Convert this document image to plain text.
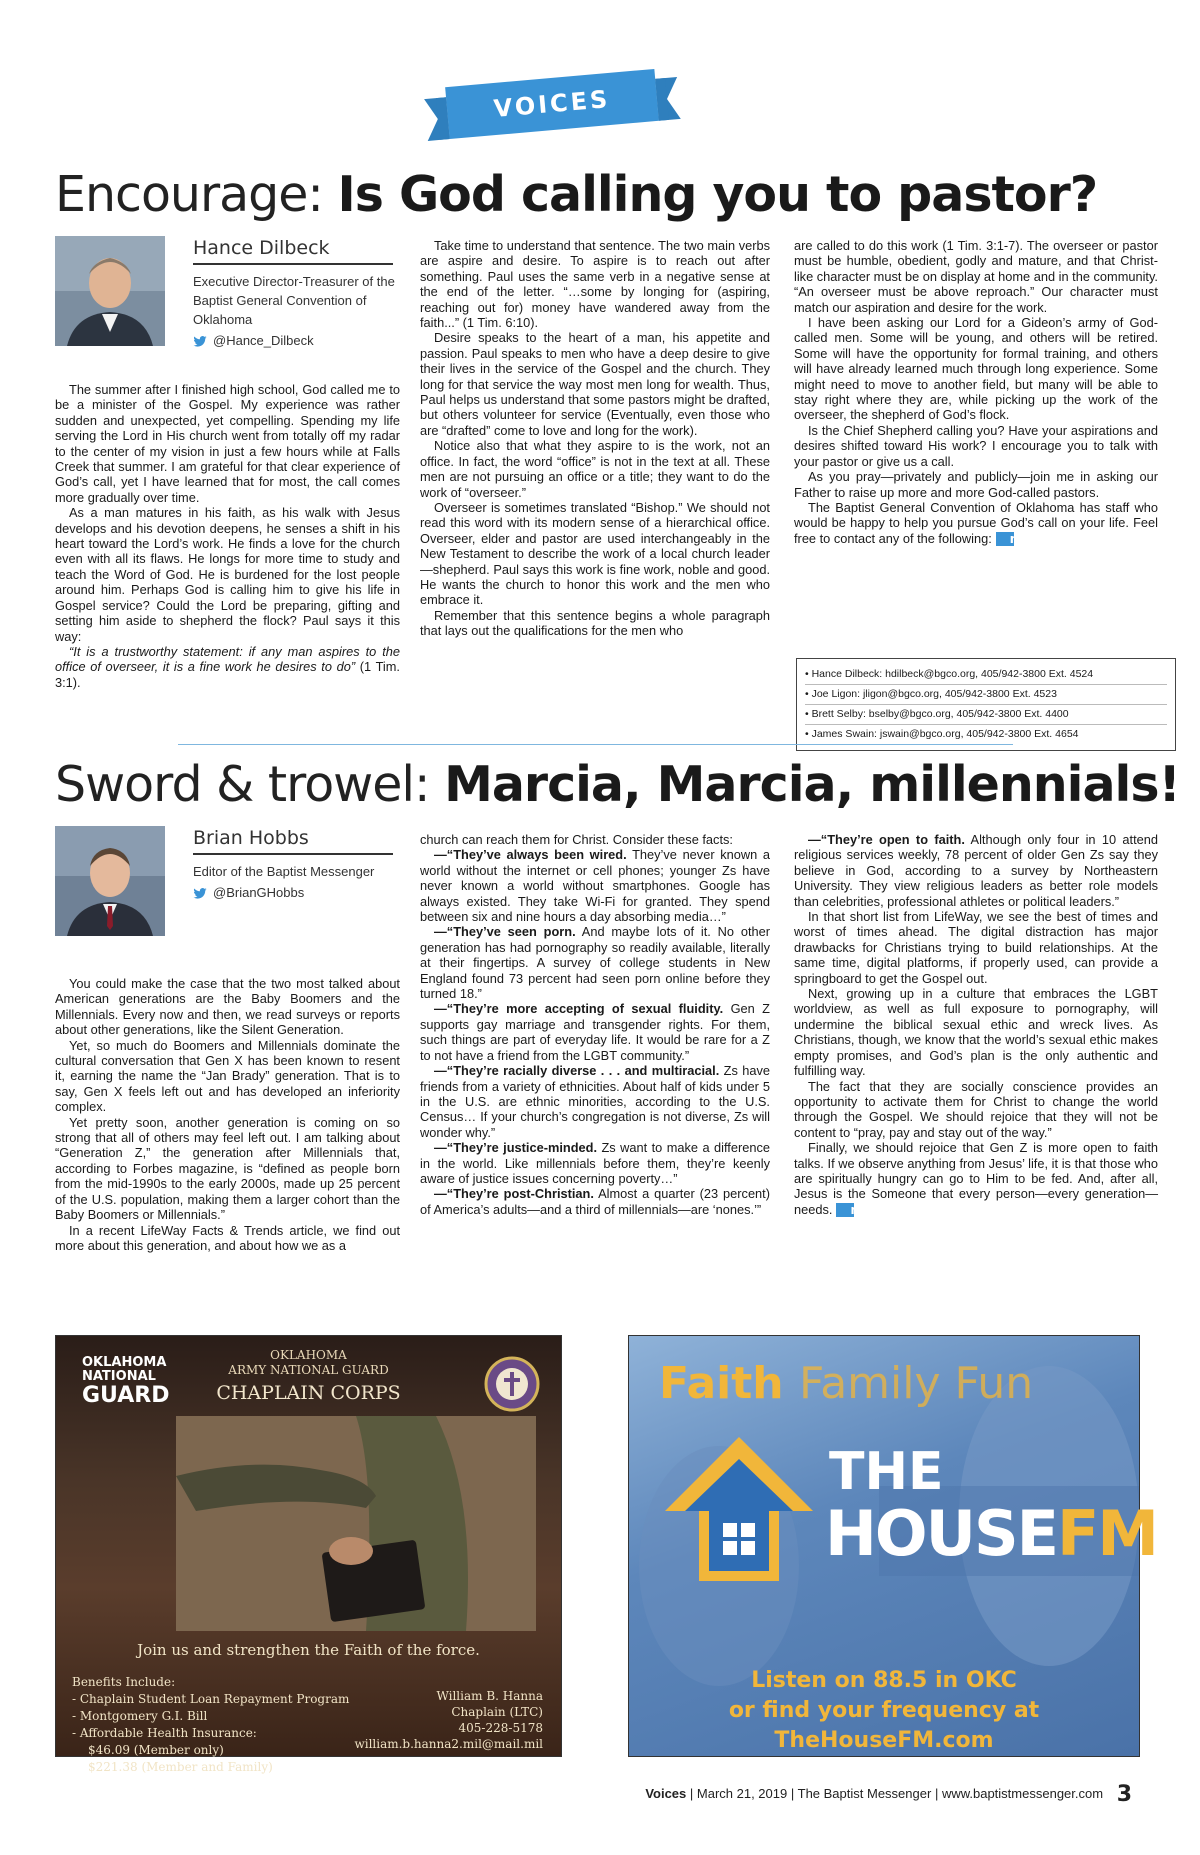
VOICES
Encourage: Is God calling you to pastor?
Hance Dilbeck
Executive Director-Treasurer of the Baptist General Convention of Oklahoma
@Hance_Dilbeck

The summer after I finished high school, God called me to be a minister of the Gospel. My experience was rather sudden and unexpected, yet compelling. Spending my life serving the Lord in His church went from totally off my radar to the center of my vision in just a few hours while at Falls Creek that summer. I am grateful for that clear experience of God’s call, yet I have learned that for most, the call comes more gradually over time.

As a man matures in his faith, as his walk with Jesus develops and his devotion deepens, he senses a shift in his heart toward the Lord’s work. He finds a love for the church even with all its flaws. He longs for more time to study and teach the Word of God. He is burdened for the lost people around him. Perhaps God is calling him to give his life in Gospel service? Could the Lord be preparing, gifting and setting him aside to shepherd the flock? Paul says it this way:

“It is a trustworthy statement: if any man aspires to the office of overseer, it is a fine work he desires to do” (1 Tim. 3:1).

Take time to understand that sentence. The two main verbs are aspire and desire. To aspire is to reach out after something. Paul uses the same verb in a negative sense at the end of the letter. “…some by longing for (aspiring, reaching out for) money have wandered away from the faith...” (1 Tim. 6:10).

Desire speaks to the heart of a man, his appetite and passion. Paul speaks to men who have a deep desire to give their lives in the service of the Gospel and the church. They long for that service the way most men long for wealth. Thus, Paul helps us understand that some pastors might be drafted, but others volunteer for service (Eventually, even those who are “drafted” come to love and long for the work).

Notice also that what they aspire to is the work, not an office. In fact, the word “office” is not in the text at all. These men are not pursuing an office or a title; they want to do the work of “overseer.”

Overseer is sometimes translated “Bishop.” We should not read this word with its modern sense of a hierarchical office. Overseer, elder and pastor are used interchangeably in the New Testament to describe the work of a local church leader—shepherd. Paul says this work is fine work, noble and good. He wants the church to honor this work and the men who embrace it.

Remember that this sentence begins a whole paragraph that lays out the qualifications for the men who

are called to do this work (1 Tim. 3:1-7). The overseer or pastor must be humble, obedient, godly and mature, and that Christ-like character must be on display at home and in the community. “An overseer must be above reproach.” Our character must match our aspiration and desire for the work.

I have been asking our Lord for a Gideon’s army of God-called men. Some will be young, and others will be retired. Some will have the opportunity for formal training, and others will have already learned much through long experience. Some might need to move to another field, but many will be able to stay right where they are, while picking up the work of the overseer, the shepherd of God’s flock.

Is the Chief Shepherd calling you? Have your aspirations and desires shifted toward His work? I encourage you to talk with your pastor or give us a call.

As you pray—privately and publicly—join me in asking our Father to raise up more and more God-called pastors.

The Baptist General Convention of Oklahoma has staff who would be happy to help you pursue God’s call on your life. Feel free to contact any of the following: m

• Hance Dilbeck: hdilbeck@bgco.org, 405/942-3800 Ext. 4524
• Joe Ligon: jligon@bgco.org, 405/942-3800 Ext. 4523
• Brett Selby: bselby@bgco.org, 405/942-3800 Ext. 4400
• James Swain: jswain@bgco.org, 405/942-3800 Ext. 4654
Sword & trowel: Marcia, Marcia, millennials!
Brian Hobbs
Editor of the Baptist Messenger
@BrianGHobbs

You could make the case that the two most talked about American generations are the Baby Boomers and the Millennials. Every now and then, we read surveys or reports about other generations, like the Silent Generation.

Yet, so much do Boomers and Millennials dominate the cultural conversation that Gen X has been known to resent it, earning the name the “Jan Brady” generation. That is to say, Gen X feels left out and has developed an inferiority complex.

Yet pretty soon, another generation is coming on so strong that all of others may feel left out. I am talking about “Generation Z,” the generation after Millennials that, according to Forbes magazine, is “defined as people born from the mid-1990s to the early 2000s, made up 25 percent of the U.S. population, making them a larger cohort than the Baby Boomers or Millennials.”

In a recent LifeWay Facts & Trends article, we find out more about this generation, and about how we as a

church can reach them for Christ. Consider these facts:

—“They’ve always been wired. They’ve never known a world without the internet or cell phones; younger Zs have never known a world without smartphones. Google has always existed. They take Wi-Fi for granted. They spend between six and nine hours a day absorbing media…”

—“They’ve seen porn. And maybe lots of it. No other generation has had pornography so readily available, literally at their fingertips. A survey of college students in New England found 73 percent had seen porn online before they turned 18.”

—“They’re more accepting of sexual fluidity. Gen Z supports gay marriage and transgender rights. For them, such things are part of everyday life. It would be rare for a Z to not have a friend from the LGBT community.”

—“They’re racially diverse . . . and multiracial. Zs have friends from a variety of ethnicities. About half of kids under 5 in the U.S. are ethnic minorities, according to the U.S. Census… If your church’s congregation is not diverse, Zs will wonder why.”

—“They’re justice-minded. Zs want to make a difference in the world. Like millennials before them, they’re keenly aware of justice issues concerning poverty…”

—“They’re post-Christian. Almost a quarter (23 percent) of America’s adults—and a third of millennials—are ‘nones.’”

—“They’re open to faith. Although only four in 10 attend religious services weekly, 78 percent of older Gen Zs say they believe in God, according to a survey by Northeastern University. They view religious leaders as better role models than celebrities, professional athletes or political leaders.”

In that short list from LifeWay, we see the best of times and worst of times ahead. The digital distraction has major drawbacks for Christians trying to build relationships. At the same time, digital platforms, if properly used, can provide a springboard to get the Gospel out.

Next, growing up in a culture that embraces the LGBT worldview, as well as full exposure to pornography, will undermine the biblical sexual ethic and wreck lives. As Christians, though, we know that the world’s sexual ethic makes empty promises, and God’s plan is the only authentic and fulfilling way.

The fact that they are socially conscience provides an opportunity to activate them for Christ to change the world through the Gospel. We should rejoice that they will not be content to “pray, pay and stay out of the way.”

Finally, we should rejoice that Gen Z is more open to faith talks. If we observe anything from Jesus’ life, it is that those who are spiritually hungry can go to Him to be fed. And, after all, Jesus is the Someone that every person—every generation—needs. m

OKLAHOMA
NATIONAL
GUARD
OKLAHOMA
ARMY NATIONAL GUARD
CHAPLAIN CORPS
Join us and strengthen the Faith of the force.
Benefits Include:
- Chaplain Student Loan Repayment Program
- Montgomery G.I. Bill
- Affordable Health Insurance:
$46.09 (Member only)
$221.38 (Member and Family)
William B. Hanna
Chaplain (LTC)
405-228-5178
william.b.hanna2.mil@mail.mil
Faith Family Fun
THE
HOUSEFM
Listen on 88.5 in OKC
or find your frequency at TheHouseFM.com
Voices | March 21, 2019 | The Baptist Messenger | www.baptistmessenger.com 3
